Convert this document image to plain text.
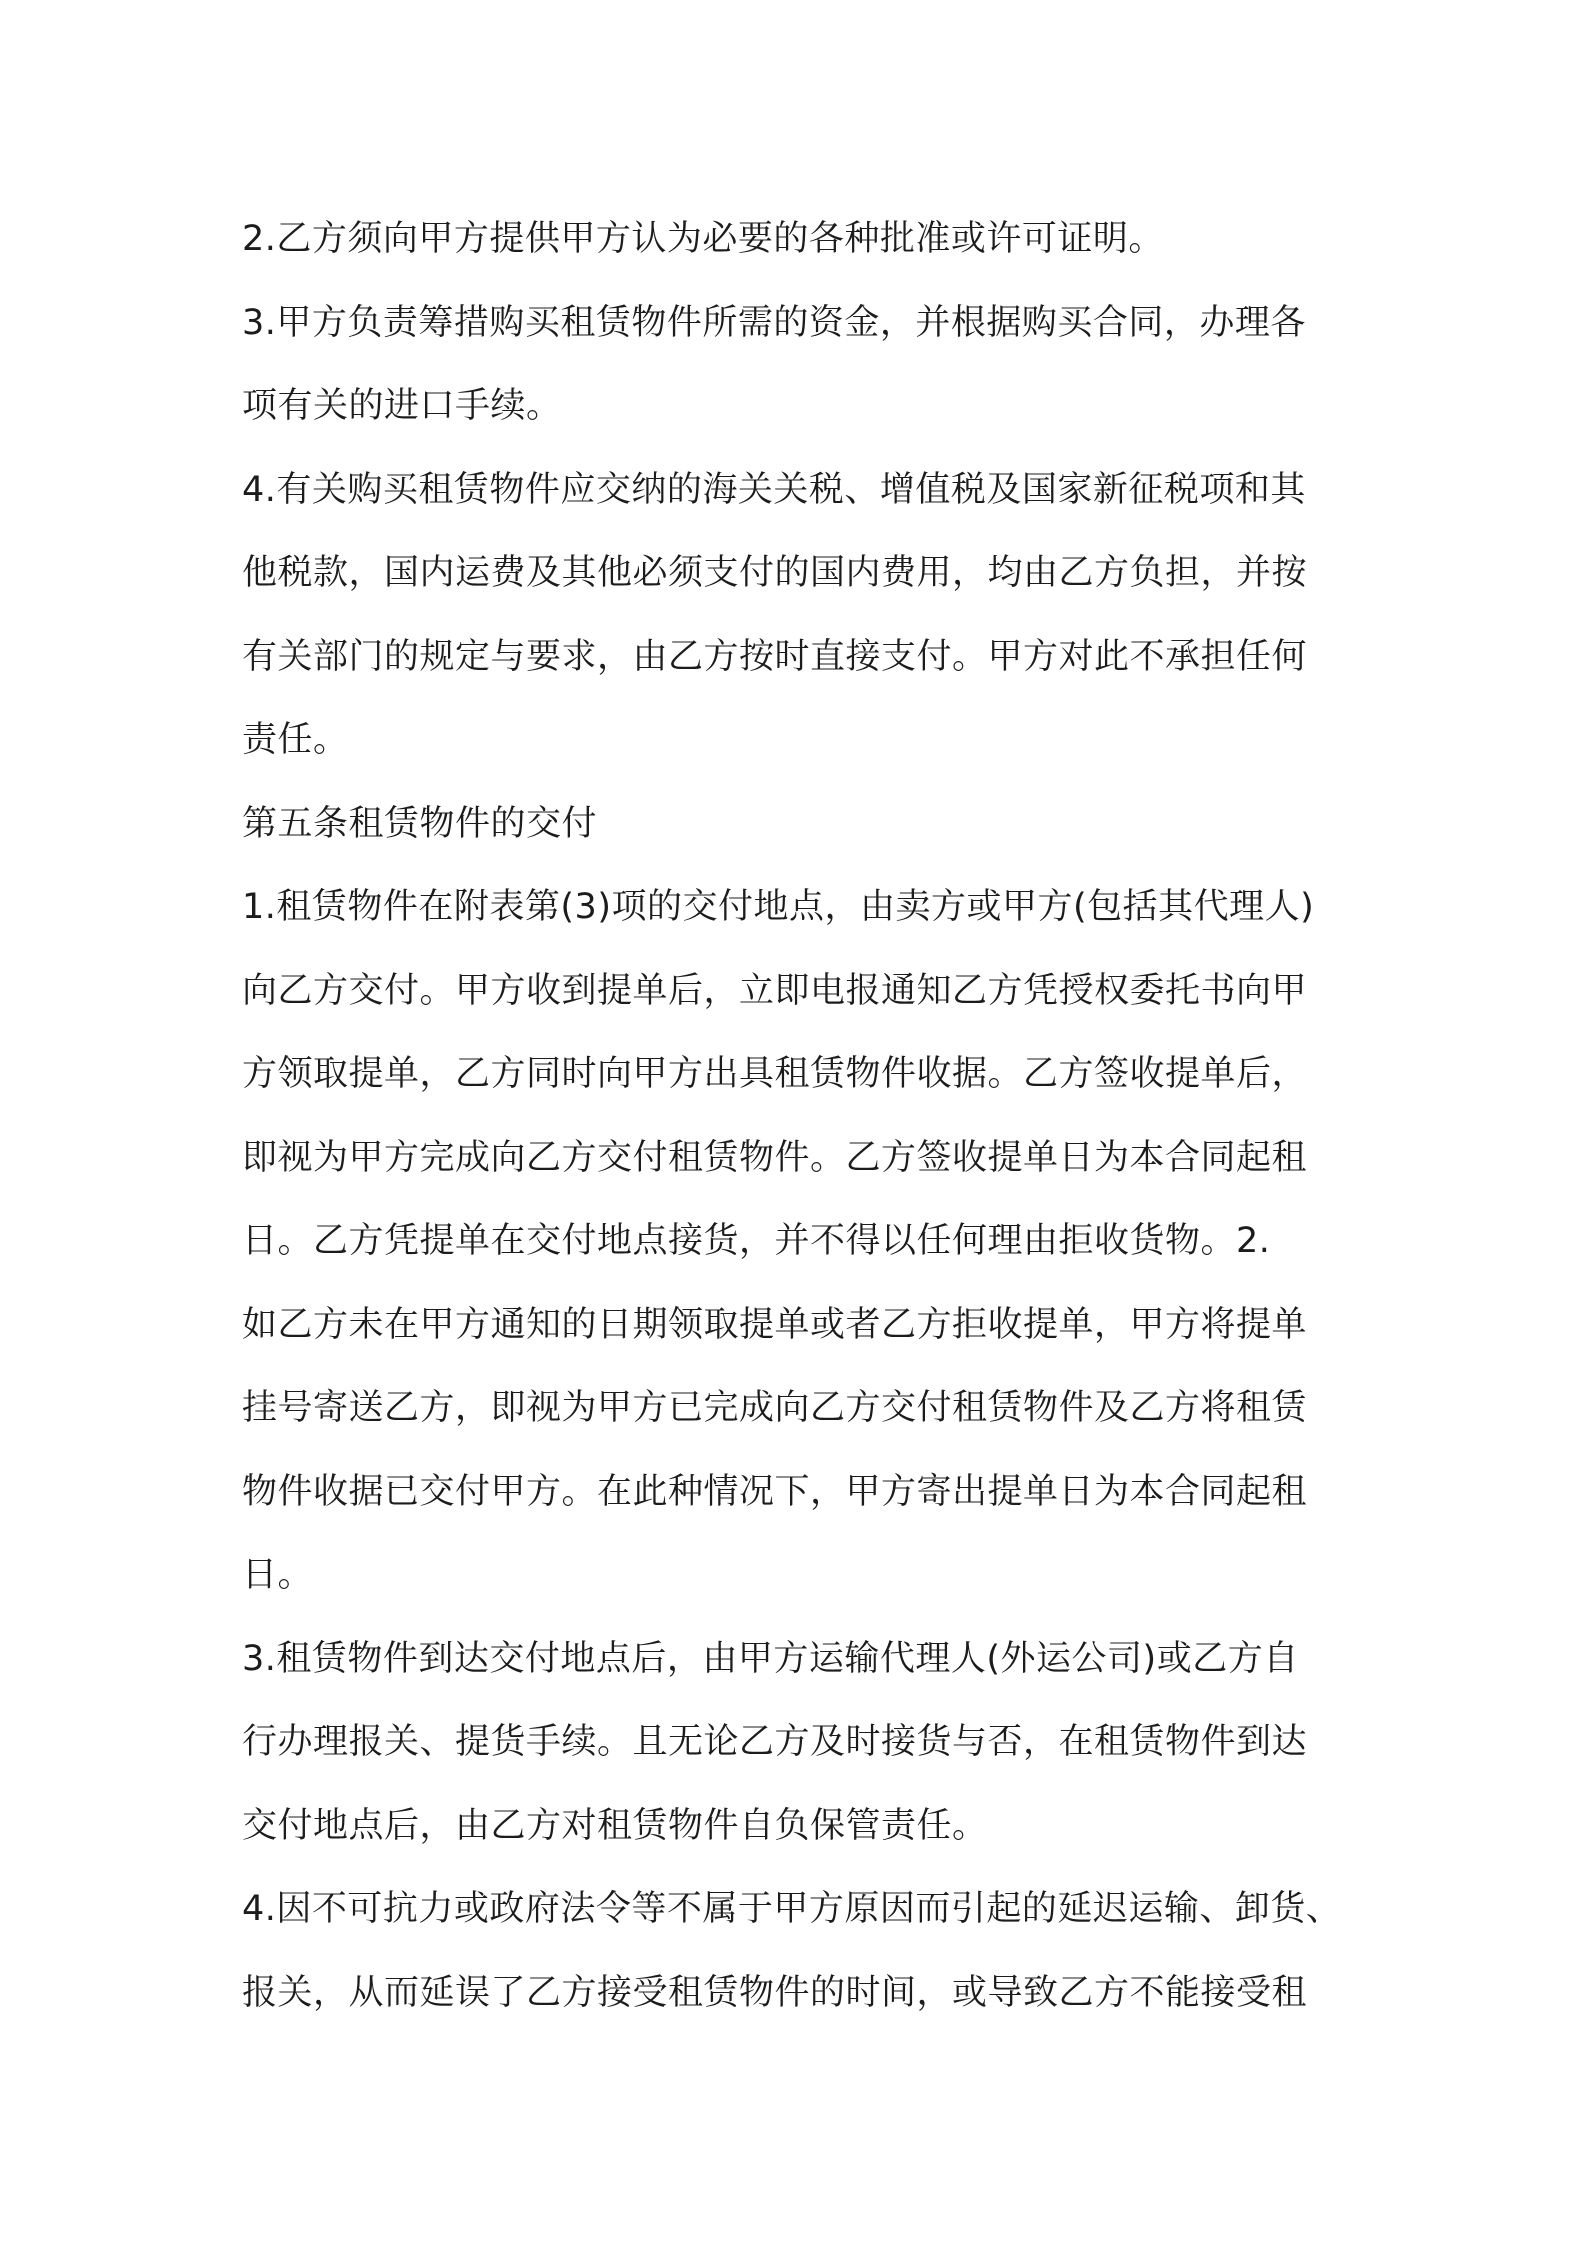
2.乙方须向甲方提供甲方认为必要的各种批准或许可证明。
3.甲方负责筹措购买租赁物件所需的资金，并根据购买合同，办理各
项有关的进口手续。
4.有关购买租赁物件应交纳的海关关税、增值税及国家新征税项和其
他税款，国内运费及其他必须支付的国内费用，均由乙方负担，并按
有关部门的规定与要求，由乙方按时直接支付。甲方对此不承担任何
责任。
第五条租赁物件的交付
1.租赁物件在附表第(3)项的交付地点，由卖方或甲方(包括其代理人)
向乙方交付。甲方收到提单后，立即电报通知乙方凭授权委托书向甲
方领取提单，乙方同时向甲方出具租赁物件收据。乙方签收提单后，
即视为甲方完成向乙方交付租赁物件。乙方签收提单日为本合同起租
日。乙方凭提单在交付地点接货，并不得以任何理由拒收货物。2.
如乙方未在甲方通知的日期领取提单或者乙方拒收提单，甲方将提单
挂号寄送乙方，即视为甲方已完成向乙方交付租赁物件及乙方将租赁
物件收据已交付甲方。在此种情况下，甲方寄出提单日为本合同起租
日。
3.租赁物件到达交付地点后，由甲方运输代理人(外运公司)或乙方自
行办理报关、提货手续。且无论乙方及时接货与否，在租赁物件到达
交付地点后，由乙方对租赁物件自负保管责任。
4.因不可抗力或政府法令等不属于甲方原因而引起的延迟运输、卸货、
报关，从而延误了乙方接受租赁物件的时间，或导致乙方不能接受租
